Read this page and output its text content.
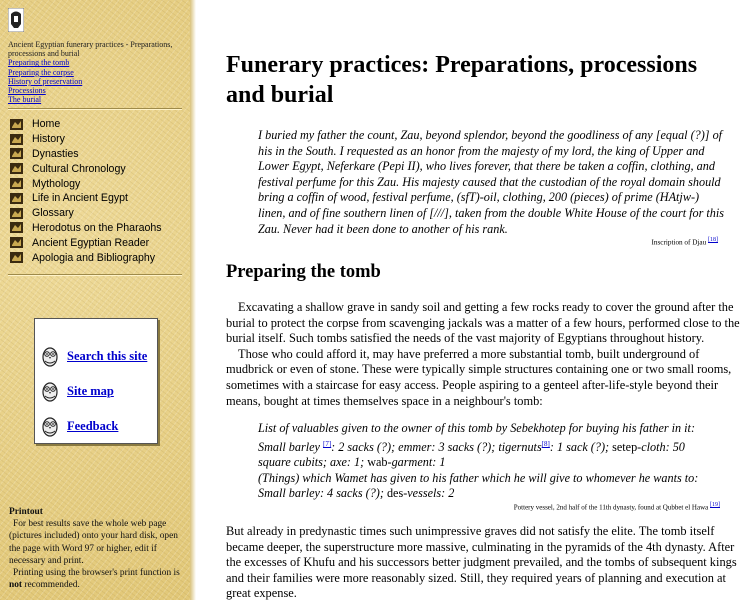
Ancient Egyptian funerary practices - Preparations, processions and burial
Preparing the tomb
Preparing the corpse
History of preservation
Processions
The burial
Home
History
Dynasties
Cultural Chronology
Mythology
Life in Ancient Egypt
Glossary
Herodotus on the Pharaohs
Ancient Egyptian Reader
Apologia and Bibliography
Search this site
Site map
Feedback
Printout

For best results save the whole web page (pictures included) onto your hard disk, open the page with Word 97 or higher, edit if necessary and print.

Printing using the browser's print function is not recommended.

Funerary practices: Preparations, processions and burial
I buried my father the count, Zau, beyond splendor, beyond the goodliness of any [equal (?)] of his in the South. I requested as an honor from the majesty of my lord, the king of Upper and Lower Egypt, Neferkare (Pepi II), who lives forever, that there be taken a coffin, clothing, and festival perfume for this Zau. His majesty caused that the custodian of the royal domain should bring a coffin of wood, festival perfume, (sfT)-oil, clothing, 200 (pieces) of prime (HAtjw-) linen, and of fine southern linen of [///], taken from the double White House of the court for this Zau. Never had it been done to another of his rank.
Inscription of Djau [18]
Preparing the tomb

Excavating a shallow grave in sandy soil and getting a few rocks ready to cover the ground after the burial to protect the corpse from scavenging jackals was a matter of a few hours, performed close to the burial itself. Such tombs satisfied the needs of the vast majority of Egyptians throughout history.

Those who could afford it, may have preferred a more substantial tomb, built underground of mudbrick or even of stone. These were typically simple structures containing one or two small rooms, sometimes with a staircase for easy access. People aspiring to a genteel after-life-style beyond their means, bought at times themselves space in a neighbour's tomb:

List of valuables given to the owner of this tomb by Sebekhotep for buying his father in it:
Small barley [7]: 2 sacks (?); emmer: 3 sacks (?); tigernuts[8]: 1 sack (?); setep-cloth: 50
square cubits; axe: 1; wab-garment: 1
(Things) which Wamet has given to his father which he will give to whomever he wants to:
Small barley: 4 sacks (?); des-vessels: 2
Pottery vessel, 2nd half of the 11th dynasty, found at Qubbet el Hawa [19]

But already in predynastic times such unimpressive graves did not satisfy the elite. The tomb itself became deeper, the superstructure more massive, culminating in the pyramids of the 4th dynasty. After the excesses of Khufu and his successors better judgment prevailed, and the tombs of subsequent kings and their families were more reasonably sized. Still, they required years of planning and execution at great expense.
